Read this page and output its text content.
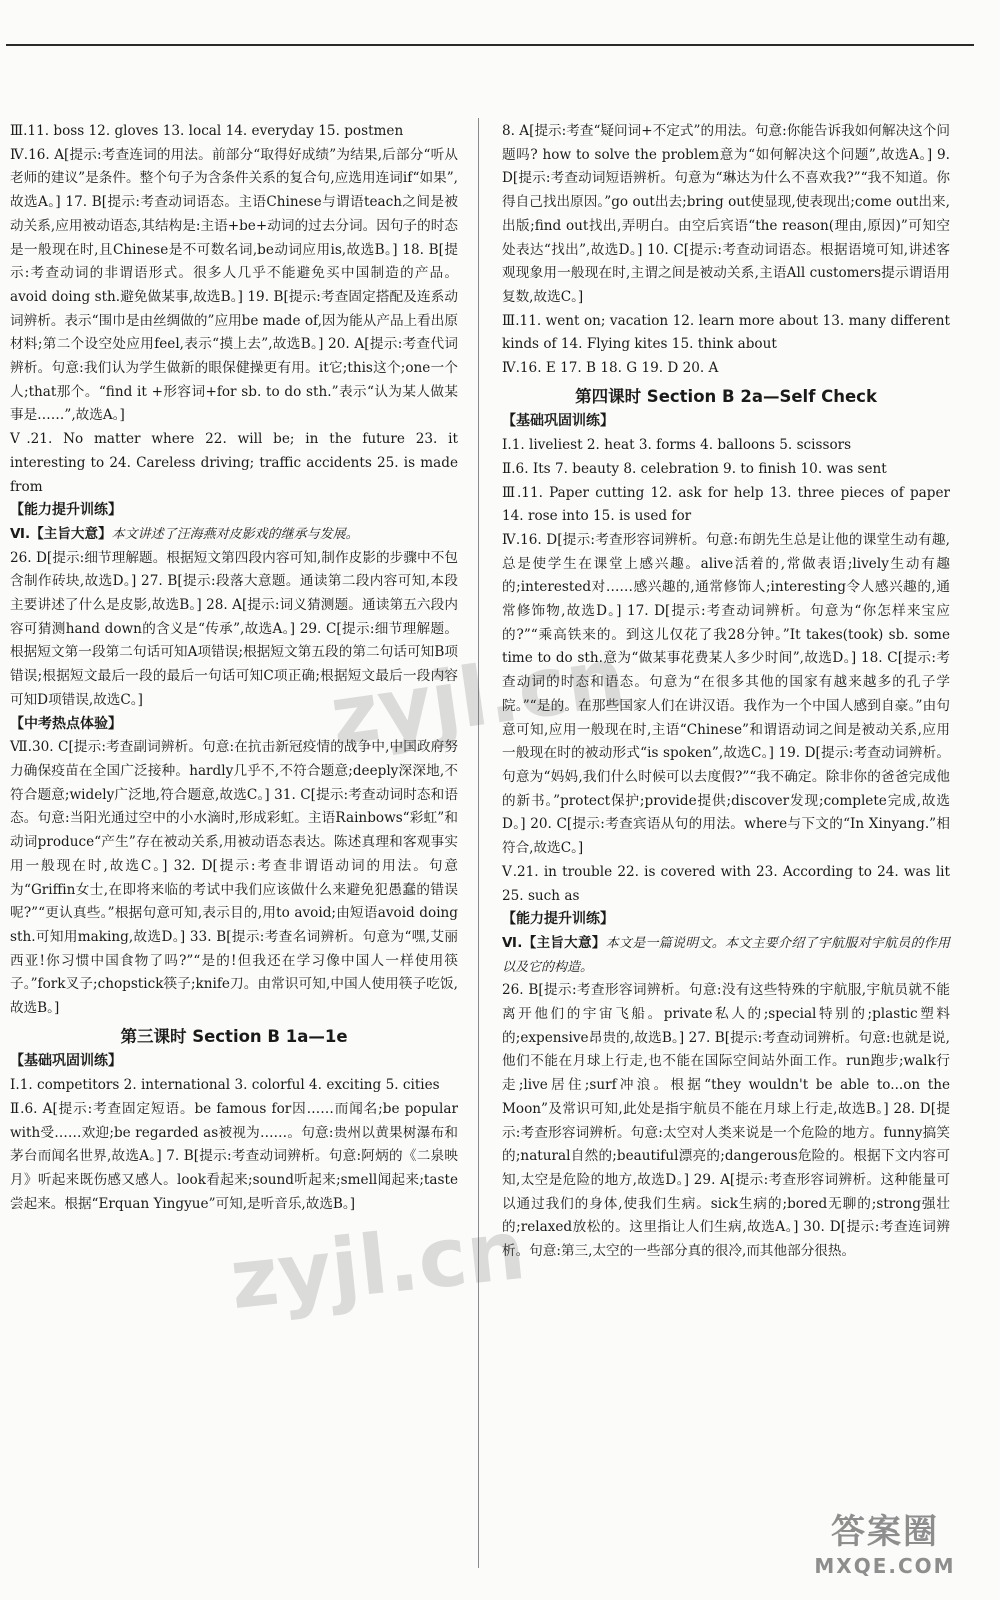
Ⅲ.11. boss 12. gloves 13. local 14. everyday 15. postmen

Ⅳ.16. A[提示:考查连词的用法。前部分“取得好成绩”为结果,后部分“听从老师的建议”是条件。整个句子为含条件关系的复合句,应选用连词if“如果”,故选A。] 17. B[提示:考查动词语态。主语Chinese与谓语teach之间是被动关系,应用被动语态,其结构是:主语+be+动词的过去分词。因句子的时态是一般现在时,且Chinese是不可数名词,be动词应用is,故选B。] 18. B[提示:考查动词的非谓语形式。很多人几乎不能避免买中国制造的产品。avoid doing sth.避免做某事,故选B。] 19. B[提示:考查固定搭配及连系动词辨析。表示“围巾是由丝绸做的”应用be made of,因为能从产品上看出原材料;第二个设空处应用feel,表示“摸上去”,故选B。] 20. A[提示:考查代词辨析。句意:我们认为学生做新的眼保健操更有用。it它;this这个;one一个人;that那个。“find it +形容词+for sb. to do sth.”表示“认为某人做某事是……”,故选A。]

Ⅴ.21. No matter where 22. will be; in the future 23. it interesting to 24. Careless driving; traffic accidents 25. is made from

【能力提升训练】

Ⅵ.【主旨大意】本文讲述了汪海燕对皮影戏的继承与发展。
26. D[提示:细节理解题。根据短文第四段内容可知,制作皮影的步骤中不包含制作砖块,故选D。] 27. B[提示:段落大意题。通读第二段内容可知,本段主要讲述了什么是皮影,故选B。] 28. A[提示:词义猜测题。通读第五六段内容可猜测hand down的含义是“传承”,故选A。] 29. C[提示:细节理解题。根据短文第一段第二句话可知A项错误;根据短文第五段的第二句话可知B项错误;根据短文最后一段的最后一句话可知C项正确;根据短文最后一段内容可知D项错误,故选C。]

【中考热点体验】

Ⅶ.30. C[提示:考查副词辨析。句意:在抗击新冠疫情的战争中,中国政府努力确保疫苗在全国广泛接种。hardly几乎不,不符合题意;deeply深深地,不符合题意;widely广泛地,符合题意,故选C。] 31. C[提示:考查动词时态和语态。句意:当阳光通过空中的小水滴时,形成彩虹。主语Rainbows“彩虹”和动词produce“产生”存在被动关系,用被动语态表达。陈述真理和客观事实用一般现在时,故选C。] 32. D[提示:考查非谓语动词的用法。句意为“Griffin女士,在即将来临的考试中我们应该做什么来避免犯愚蠢的错误呢?”“更认真些。”根据句意可知,表示目的,用to avoid;由短语avoid doing sth.可知用making,故选D。] 33. B[提示:考查名词辨析。句意为“嘿,艾丽西亚!你习惯中国食物了吗?”“是的!但我还在学习像中国人一样使用筷子。”fork叉子;chopstick筷子;knife刀。由常识可知,中国人使用筷子吃饭,故选B。]

第三课时 Section B 1a—1e

【基础巩固训练】

Ⅰ.1. competitors 2. international 3. colorful 4. exciting 5. cities

Ⅱ.6. A[提示:考查固定短语。be famous for因……而闻名;be popular with受……欢迎;be regarded as被视为……。句意:贵州以黄果树瀑布和茅台而闻名世界,故选A。] 7. B[提示:考查动词辨析。句意:阿炳的《二泉映月》听起来既伤感又感人。look看起来;sound听起来;smell闻起来;taste尝起来。根据“Erquan Yingyue”可知,是听音乐,故选B。]

8. A[提示:考查“疑问词+不定式”的用法。句意:你能告诉我如何解决这个问题吗? how to solve the problem意为“如何解决这个问题”,故选A。] 9. D[提示:考查动词短语辨析。句意为“琳达为什么不喜欢我?”“我不知道。你得自己找出原因。”go out出去;bring out使显现,使表现出;come out出来,出版;find out找出,弄明白。由空后宾语“the reason(理由,原因)”可知空处表达“找出”,故选D。] 10. C[提示:考查动词语态。根据语境可知,讲述客观现象用一般现在时,主谓之间是被动关系,主语All customers提示谓语用复数,故选C。]

Ⅲ.11. went on; vacation 12. learn more about 13. many different kinds of 14. Flying kites 15. think about

Ⅳ.16. E 17. B 18. G 19. D 20. A

第四课时 Section B 2a—Self Check

【基础巩固训练】

Ⅰ.1. liveliest 2. heat 3. forms 4. balloons 5. scissors

Ⅱ.6. Its 7. beauty 8. celebration 9. to finish 10. was sent

Ⅲ.11. Paper cutting 12. ask for help 13. three pieces of paper 14. rose into 15. is used for

Ⅳ.16. D[提示:考查形容词辨析。句意:布朗先生总是让他的课堂生动有趣,总是使学生在课堂上感兴趣。alive活着的,常做表语;lively生动有趣的;interested对……感兴趣的,通常修饰人;interesting令人感兴趣的,通常修饰物,故选D。] 17. D[提示:考查动词辨析。句意为“你怎样来宝应的?”“乘高铁来的。到这儿仅花了我28分钟。”It takes(took) sb. some time to do sth.意为“做某事花费某人多少时间”,故选D。] 18. C[提示:考查动词的时态和语态。句意为“在很多其他的国家有越来越多的孔子学院。”“是的。在那些国家人们在讲汉语。我作为一个中国人感到自豪。”由句意可知,应用一般现在时,主语“Chinese”和谓语动词之间是被动关系,应用一般现在时的被动形式“is spoken”,故选C。] 19. D[提示:考查动词辨析。句意为“妈妈,我们什么时候可以去度假?”“我不确定。除非你的爸爸完成他的新书。”protect保护;provide提供;discover发现;complete完成,故选D。] 20. C[提示:考查宾语从句的用法。where与下文的“In Xinyang.”相符合,故选C。]

Ⅴ.21. in trouble 22. is covered with 23. According to 24. was lit 25. such as

【能力提升训练】

Ⅵ.【主旨大意】本文是一篇说明文。本文主要介绍了宇航服对宇航员的作用以及它的构造。
26. B[提示:考查形容词辨析。句意:没有这些特殊的宇航服,宇航员就不能离开他们的宇宙飞船。private私人的;special特别的;plastic塑料的;expensive昂贵的,故选B。] 27. B[提示:考查动词辨析。句意:也就是说,他们不能在月球上行走,也不能在国际空间站外面工作。run跑步;walk行走;live居住;surf冲浪。根据“they wouldn't be able to...on the Moon”及常识可知,此处是指宇航员不能在月球上行走,故选B。] 28. D[提示:考查形容词辨析。句意:太空对人类来说是一个危险的地方。funny搞笑的;natural自然的;beautiful漂亮的;dangerous危险的。根据下文内容可知,太空是危险的地方,故选D。] 29. A[提示:考查形容词辨析。这种能量可以通过我们的身体,使我们生病。sick生病的;bored无聊的;strong强壮的;relaxed放松的。这里指让人们生病,故选A。] 30. D[提示:考查连词辨析。句意:第三,太空的一些部分真的很冷,而其他部分很热。

zyjl.cn
zyjl.cn
答案圈
MXQE.COM
